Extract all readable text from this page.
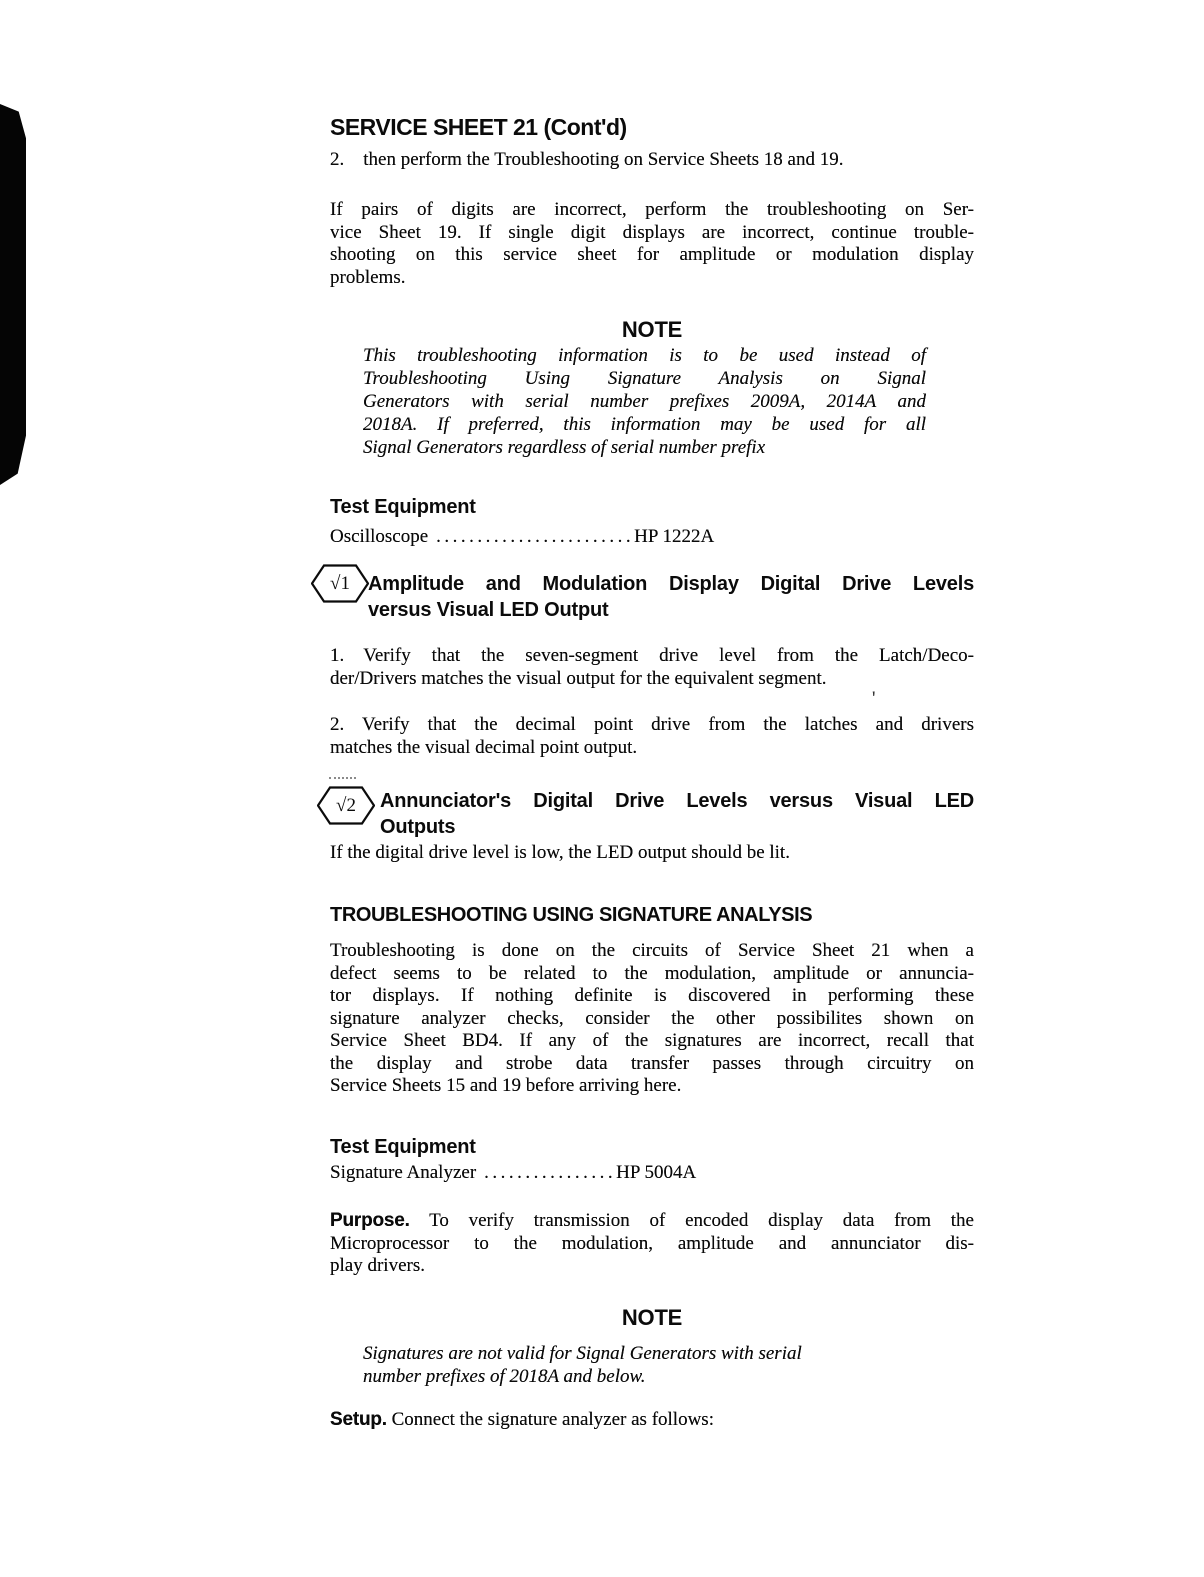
'
SERVICE SHEET 21 (Cont'd)
2.  then perform the Troubleshooting on Service Sheets 18 and 19.
If pairs of digits are incorrect, perform the troubleshooting on Ser-
vice Sheet 19. If single digit displays are incorrect, continue trouble-
shooting on this service sheet for amplitude or modulation display
problems.
NOTE
This troubleshooting information is to be used instead of
Troubleshooting Using Signature Analysis on Signal
Generators with serial number prefixes 2009A, 2014A and
2018A. If preferred, this information may be used for all
Signal Generators regardless of serial number prefix
Test Equipment
Oscilloscope ........................HP 1222A
√1 Amplitude and Modulation Display Digital Drive Levels
versus Visual LED Output
1.  Verify that the seven-segment drive level from the Latch/Deco-
der/Drivers matches the visual output for the equivalent segment.
2. Verify that the decimal point drive from the latches and drivers
matches the visual decimal point output.
√2	Annunciator's Digital Drive Levels versus Visual LED
Outputs
If the digital drive level is low, the LED output should be lit.
TROUBLESHOOTING USING SIGNATURE ANALYSIS
Troubleshooting is done on the circuits of Service Sheet 21 when a
defect seems to be related to the modulation, amplitude or annuncia-
tor displays. If nothing definite is discovered in performing these
signature analyzer checks, consider the other possibilites shown on
Service Sheet BD4. If any of the signatures are incorrect, recall that
the display and strobe data transfer passes through circuitry on
Service Sheets 15 and 19 before arriving here.
Test Equipment
Signature Analyzer ................HP 5004A
Purpose. To verify transmission of encoded display data from the
Microprocessor to the modulation, amplitude and annunciator dis-
play drivers.
NOTE
Signatures are not valid for Signal Generators with serial
number prefixes of 2018A and below.
Setup. Connect the signature analyzer as follows:
